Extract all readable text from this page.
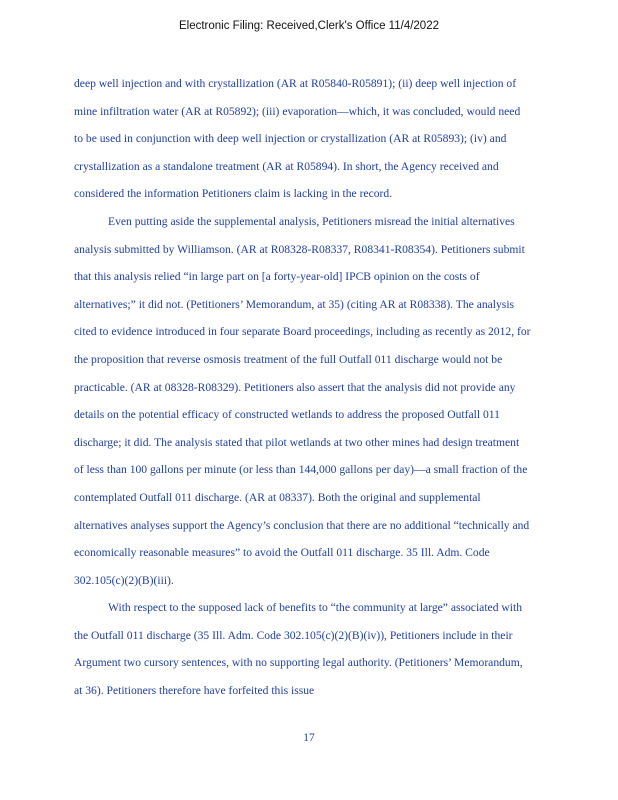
Electronic Filing: Received,Clerk's Office 11/4/2022
deep well injection and with crystallization (AR at R05840-R05891); (ii) deep well injection of
mine infiltration water (AR at R05892); (iii) evaporation—which, it was concluded, would need
to be used in conjunction with deep well injection or crystallization (AR at R05893); (iv) and
crystallization as a standalone treatment (AR at R05894). In short, the Agency received and
considered the information Petitioners claim is lacking in the record.
Even putting aside the supplemental analysis, Petitioners misread the initial alternatives
analysis submitted by Williamson. (AR at R08328-R08337, R08341-R08354). Petitioners submit
that this analysis relied “in large part on [a forty-year-old] IPCB opinion on the costs of
alternatives;” it did not. (Petitioners’ Memorandum, at 35) (citing AR at R08338). The analysis
cited to evidence introduced in four separate Board proceedings, including as recently as 2012, for
the proposition that reverse osmosis treatment of the full Outfall 011 discharge would not be
practicable. (AR at 08328-R08329). Petitioners also assert that the analysis did not provide any
details on the potential efficacy of constructed wetlands to address the proposed Outfall 011
discharge; it did. The analysis stated that pilot wetlands at two other mines had design treatment
of less than 100 gallons per minute (or less than 144,000 gallons per day)—a small fraction of the
contemplated Outfall 011 discharge. (AR at 08337). Both the original and supplemental
alternatives analyses support the Agency’s conclusion that there are no additional “technically and
economically reasonable measures” to avoid the Outfall 011 discharge. 35 Ill. Adm. Code
302.105(c)(2)(B)(iii).
With respect to the supposed lack of benefits to “the community at large” associated with
the Outfall 011 discharge (35 Ill. Adm. Code 302.105(c)(2)(B)(iv)), Petitioners include in their
Argument two cursory sentences, with no supporting legal authority. (Petitioners’ Memorandum,
at 36). Petitioners therefore have forfeited this issue
17
